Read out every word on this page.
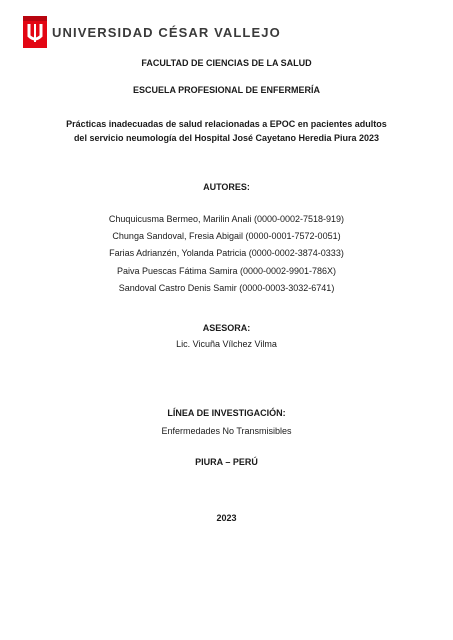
UNIVERSIDAD CÉSAR VALLEJO
FACULTAD DE CIENCIAS DE LA SALUD
ESCUELA PROFESIONAL DE ENFERMERÍA
Prácticas inadecuadas de salud relacionadas a EPOC en pacientes adultos
del servicio neumología del Hospital José Cayetano Heredia Piura 2023
AUTORES:
Chuquicusma Bermeo, Marilin Anali (0000-0002-7518-919)
Chunga Sandoval, Fresia Abigail (0000-0001-7572-0051)
Farias Adrianzén, Yolanda Patricia (0000-0002-3874-0333)
Paiva Puescas Fátima Samira (0000-0002-9901-786X)
Sandoval Castro Denis Samir (0000-0003-3032-6741)
ASESORA:
Lic. Vicuña Vílchez Vilma
LÍNEA DE INVESTIGACIÓN:
Enfermedades No Transmisibles
PIURA – PERÚ
2023
